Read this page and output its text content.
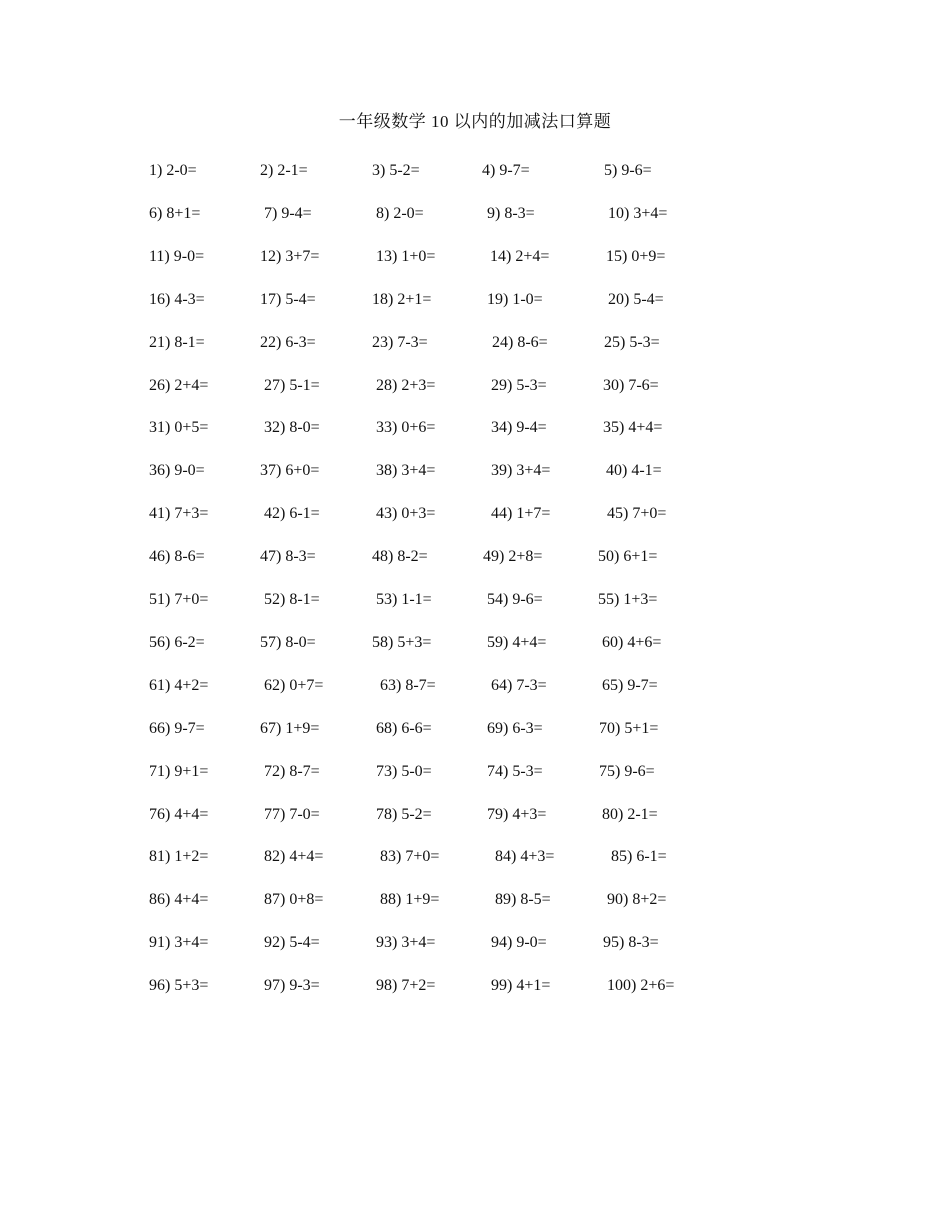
一年级数学 10 以内的加减法口算题
1) 2-0=	2) 2-1=	3) 5-2=	4) 9-7=	5) 9-6=
6) 8+1=	7) 9-4=	8) 2-0=	9) 8-3=	10) 3+4=
11) 9-0=	12) 3+7=	13) 1+0=	14) 2+4=	15) 0+9=
16) 4-3=	17) 5-4=	18) 2+1=	19) 1-0=	20) 5-4=
21) 8-1=	22) 6-3=	23) 7-3=	24) 8-6=	25) 5-3=
26) 2+4=	27) 5-1=	28) 2+3=	29) 5-3=	30) 7-6=
31) 0+5=	32) 8-0=	33) 0+6=	34) 9-4=	35) 4+4=
36) 9-0=	37) 6+0=	38) 3+4=	39) 3+4=	40) 4-1=
41) 7+3=	42) 6-1=	43) 0+3=	44) 1+7=	45) 7+0=
46) 8-6=	47) 8-3=	48) 8-2=	49) 2+8=	50) 6+1=
51) 7+0=	52) 8-1=	53) 1-1=	54) 9-6=	55) 1+3=
56) 6-2=	57) 8-0=	58) 5+3=	59) 4+4=	60) 4+6=
61) 4+2=	62) 0+7=	63) 8-7=	64) 7-3=	65) 9-7=
66) 9-7=	67) 1+9=	68) 6-6=	69) 6-3=	70) 5+1=
71) 9+1=	72) 8-7=	73) 5-0=	74) 5-3=	75) 9-6=
76) 4+4=	77) 7-0=	78) 5-2=	79) 4+3=	80) 2-1=
81) 1+2=	82) 4+4=	83) 7+0=	84) 4+3=	85) 6-1=
86) 4+4=	87) 0+8=	88) 1+9=	89) 8-5=	90) 8+2=
91) 3+4=	92) 5-4=	93) 3+4=	94) 9-0=	95) 8-3=
96) 5+3=	97) 9-3=	98) 7+2=	99) 4+1=	100) 2+6=
